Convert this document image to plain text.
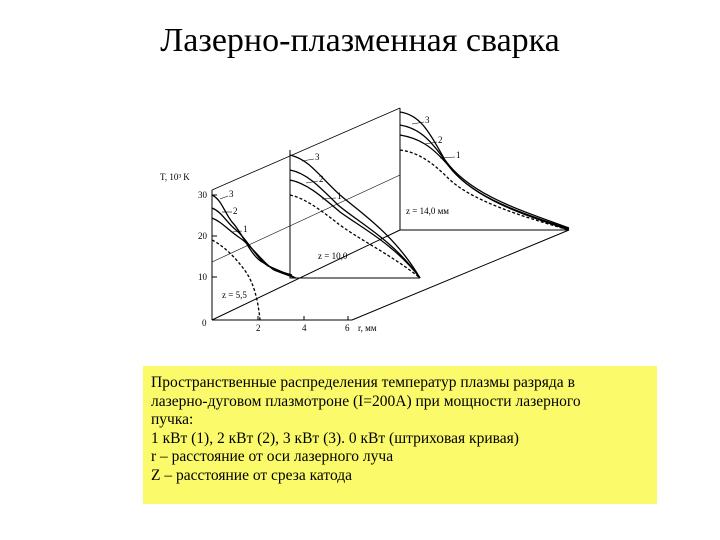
Лазерно-плазменная сварка
T, 10³ K
30
20
10
0	2	4	6 r, мм
z = 5,5
z = 10,0
z = 14,0 мм
3
2
1
3
2
1
3
2
1
Пространственные распределения температур плазмы разряда в
лазерно-дуговом плазмотроне (I=200A) при мощности лазерного
пучка:
1 кВт (1), 2 кВт (2), 3 кВт (3). 0 кВт (штриховая кривая)
r – расстояние от оси лазерного луча
Z – расстояние от среза катода
